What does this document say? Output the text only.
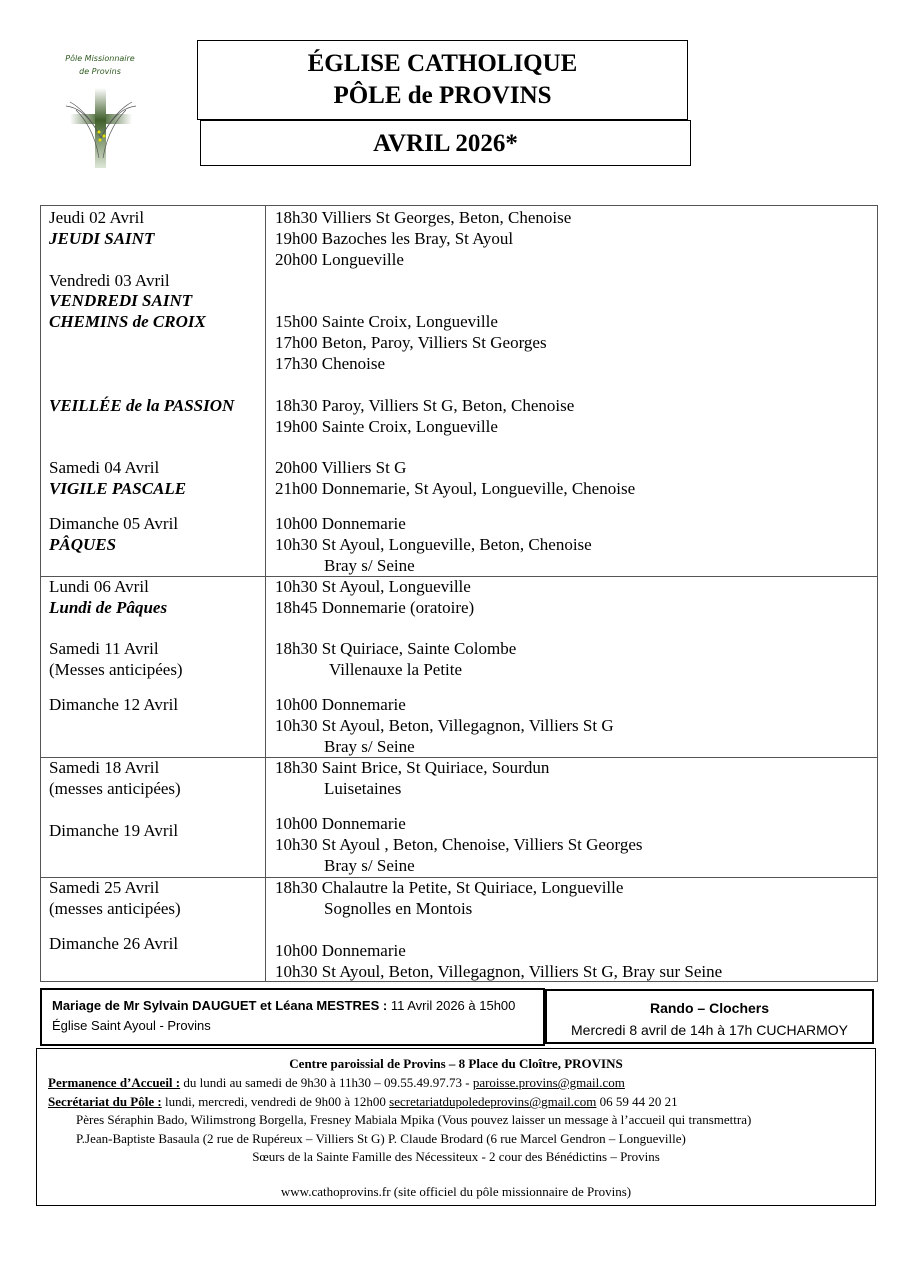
Pôle Missionnaire
de Provins	ÉGLISE CATHOLIQUE
PÔLE de PROVINS
AVRIL 2026*
Jeudi 02 Avril
JEUDI SAINT
Vendredi 03 Avril
VENDREDI SAINT
CHEMINS de CROIX
VEILLÉE de la PASSION
Samedi 04 Avril
VIGILE PASCALE
Dimanche 05 Avril
PÂQUES
18h30 Villiers St Georges, Beton, Chenoise
19h00 Bazoches les Bray, St Ayoul
20h00 Longueville
15h00 Sainte Croix, Longueville
17h00 Beton, Paroy, Villiers St Georges
17h30 Chenoise
18h30 Paroy, Villiers St G, Beton, Chenoise
19h00 Sainte Croix, Longueville
20h00 Villiers St G
21h00 Donnemarie, St Ayoul, Longueville, Chenoise
10h00 Donnemarie
10h30 St Ayoul, Longueville, Beton, Chenoise
Bray s/ Seine
Lundi 06 Avril
Lundi de Pâques
Samedi 11 Avril
(Messes anticipées)
Dimanche 12 Avril
10h30 St Ayoul, Longueville
18h45 Donnemarie (oratoire)
18h30 St Quiriace, Sainte Colombe
Villenauxe la Petite
10h00 Donnemarie
10h30 St Ayoul, Beton, Villegagnon, Villiers St G
Bray s/ Seine
Samedi 18 Avril
(messes anticipées)
Dimanche 19 Avril
18h30 Saint Brice, St Quiriace, Sourdun
Luisetaines
10h00 Donnemarie
10h30 St Ayoul , Beton, Chenoise, Villiers St Georges
Bray s/ Seine
Samedi 25 Avril
(messes anticipées)
Dimanche 26 Avril
18h30 Chalautre la Petite, St Quiriace, Longueville
Sognolles en Montois
10h00 Donnemarie
10h30 St Ayoul, Beton, Villegagnon, Villiers St G, Bray sur Seine
Mariage de Mr Sylvain DAUGUET et Léana MESTRES : 11 Avril 2026 à 15h00
Église Saint Ayoul - Provins
Rando – Clochers
Mercredi 8 avril de 14h à 17h CUCHARMOY
Centre paroissial de Provins – 8 Place du Cloître, PROVINS
Permanence d’Accueil : du lundi au samedi de 9h30 à 11h30 – 09.55.49.97.73 - paroisse.provins@gmail.com
Secrétariat du Pôle : lundi, mercredi, vendredi de 9h00 à 12h00 secretariatdupoledeprovins@gmail.com 06 59 44 20 21
Pères Séraphin Bado, Wilimstrong Borgella, Fresney Mabiala Mpika (Vous pouvez laisser un message à l’accueil qui transmettra)
P.Jean-Baptiste Basaula (2 rue de Rupéreux – Villiers St G) P. Claude Brodard (6 rue Marcel Gendron – Longueville)
Sœurs de la Sainte Famille des Nécessiteux - 2 cour des Bénédictins – Provins
www.cathoprovins.fr (site officiel du pôle missionnaire de Provins)
